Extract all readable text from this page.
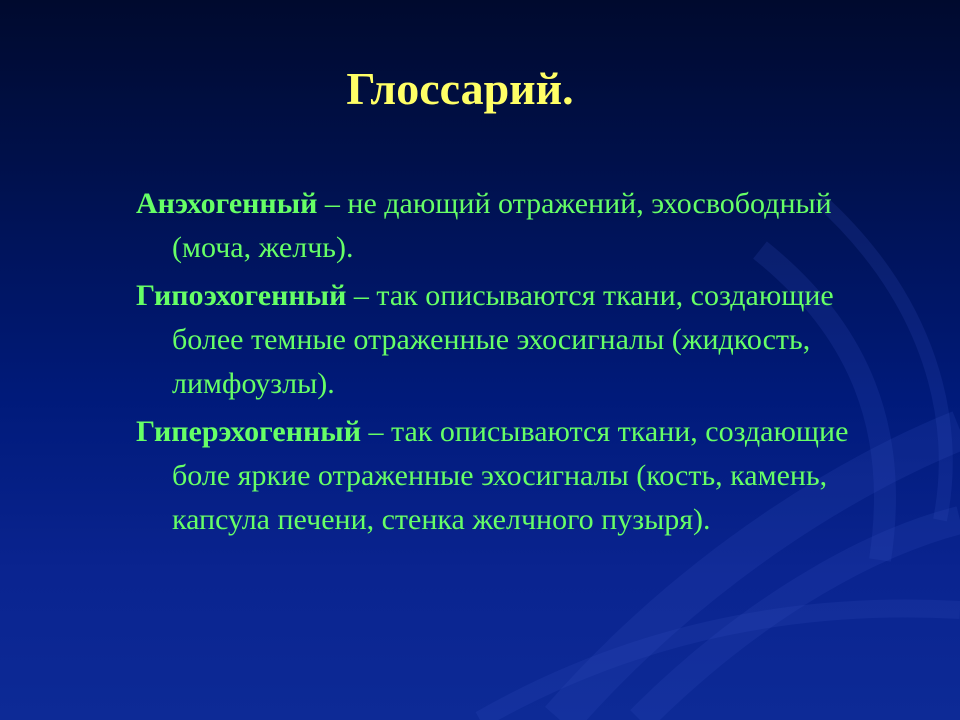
Глоссарий.

Анэхогенный – не дающий отражений, эхосвободный (моча, желчь).

Гипоэхогенный – так описываются ткани, создающие более темные отраженные эхосигналы (жидкость, лимфоузлы).

Гиперэхогенный – так описываются ткани, создающие боле яркие отраженные эхосигналы (кость, камень, капсула печени, стенка желчного пузыря).
